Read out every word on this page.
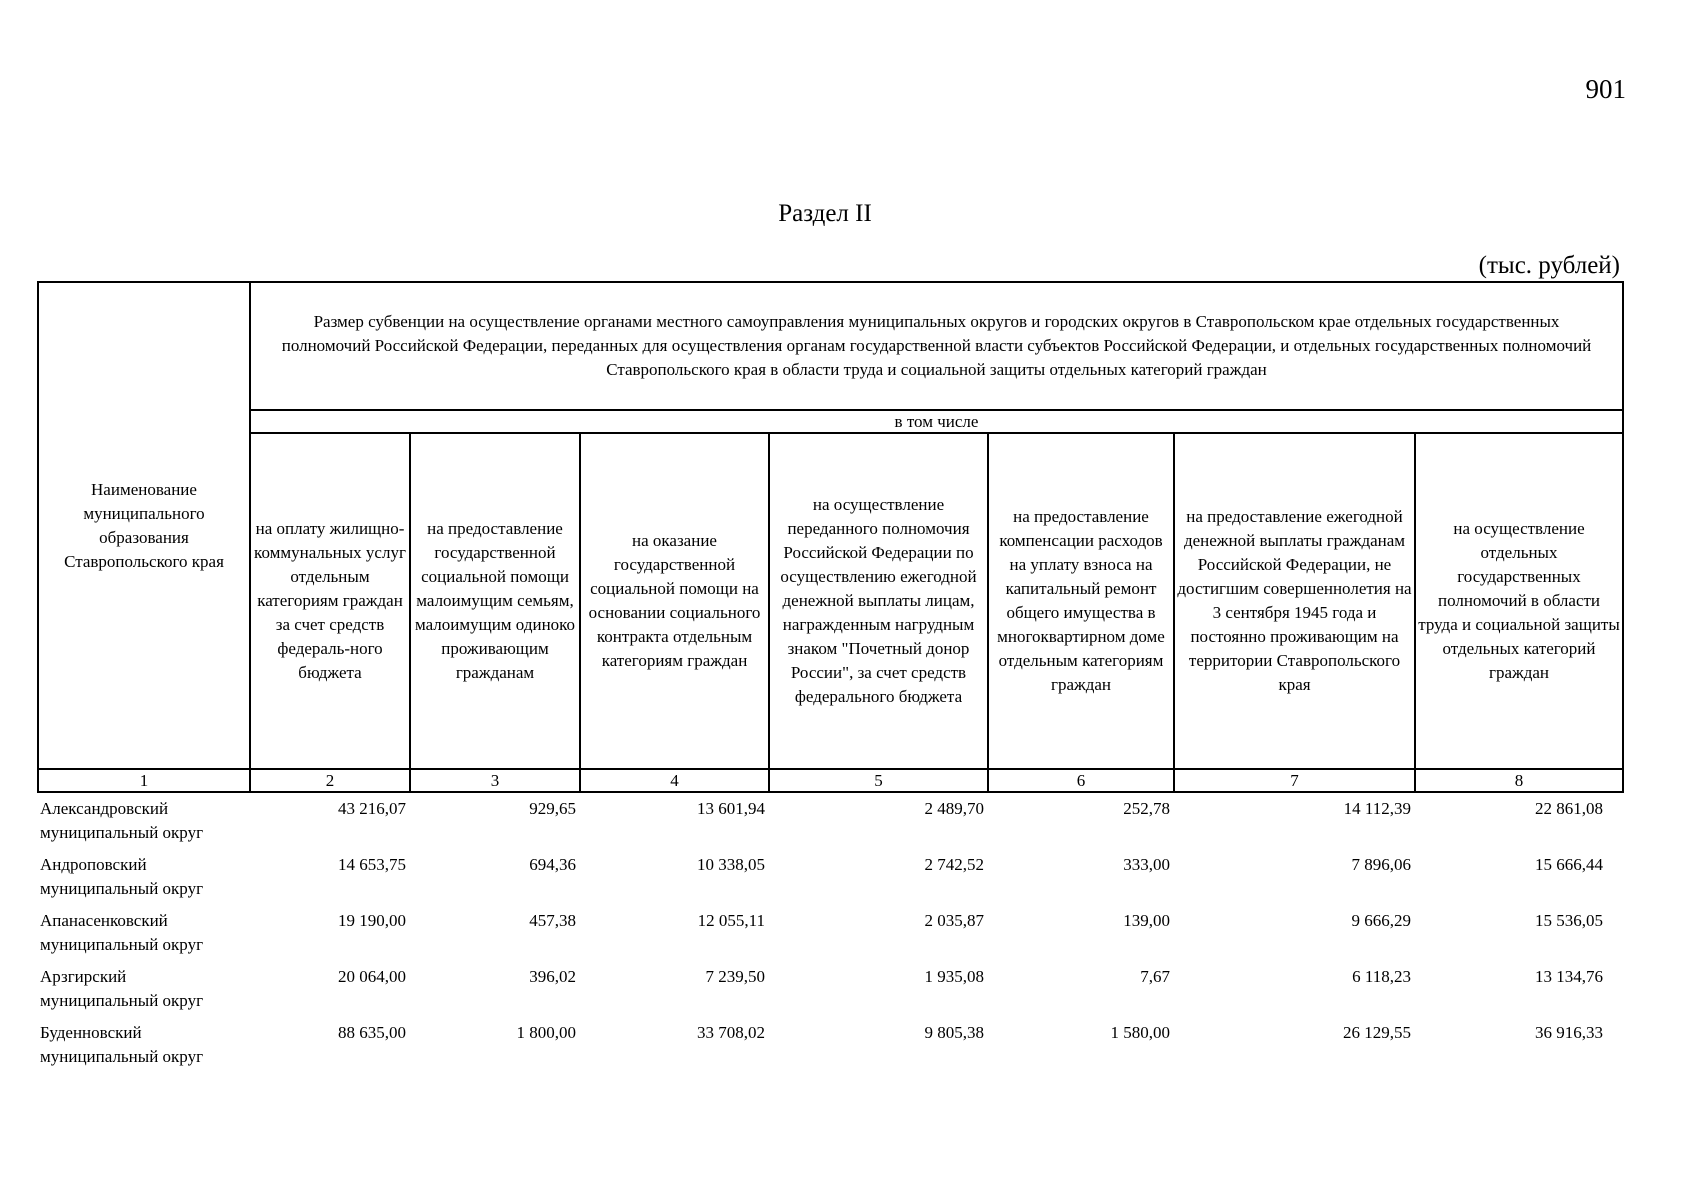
901
Раздел II
(тыс. рублей)
Наименование муниципального образования Ставропольского края	Размер субвенции на осуществление органами местного самоуправления муниципальных округов и городских округов в Ставропольском крае отдельных государственных полномочий Российской Федерации, переданных для осуществления органам государственной власти субъектов Российской Федерации, и отдельных государственных полномочий Ставропольского края в области труда и социальной защиты отдельных категорий граждан						
	в том числе						
	на оплату жилищно-коммунальных услуг отдельным категориям граждан за счет средств федераль-ного бюджета	на предоставление государственной социальной помощи малоимущим семьям, малоимущим одиноко проживающим гражданам	на оказание государственной социальной помощи на основании социального контракта отдельным категориям граждан	на осуществление переданного полномочия Российской Федерации по осуществлению ежегодной денежной выплаты лицам, награжденным нагрудным знаком "Почетный донор России", за счет средств федерального бюджета	на предоставление компенсации расходов на уплату взноса на капитальный ремонт общего имущества в многоквартирном доме отдельным категориям граждан	на предоставление ежегодной денежной выплаты гражданам Российской Федерации, не достигшим совершеннолетия на 3 сентября 1945 года и постоянно проживающим на территории Ставропольского края	на осуществление отдельных государственных полномочий в области труда и социальной защиты отдельных категорий граждан
1	2	3	4	5	6	7	8
Александровский муниципальный округ	43 216,07	929,65	13 601,94	2 489,70	252,78	14 112,39	22 861,08
Андроповский муниципальный округ	14 653,75	694,36	10 338,05	2 742,52	333,00	7 896,06	15 666,44
Апанасенковский муниципальный округ	19 190,00	457,38	12 055,11	2 035,87	139,00	9 666,29	15 536,05
Арзгирский муниципальный округ	20 064,00	396,02	7 239,50	1 935,08	7,67	6 118,23	13 134,76
Буденновский муниципальный округ	88 635,00	1 800,00	33 708,02	9 805,38	1 580,00	26 129,55	36 916,33
